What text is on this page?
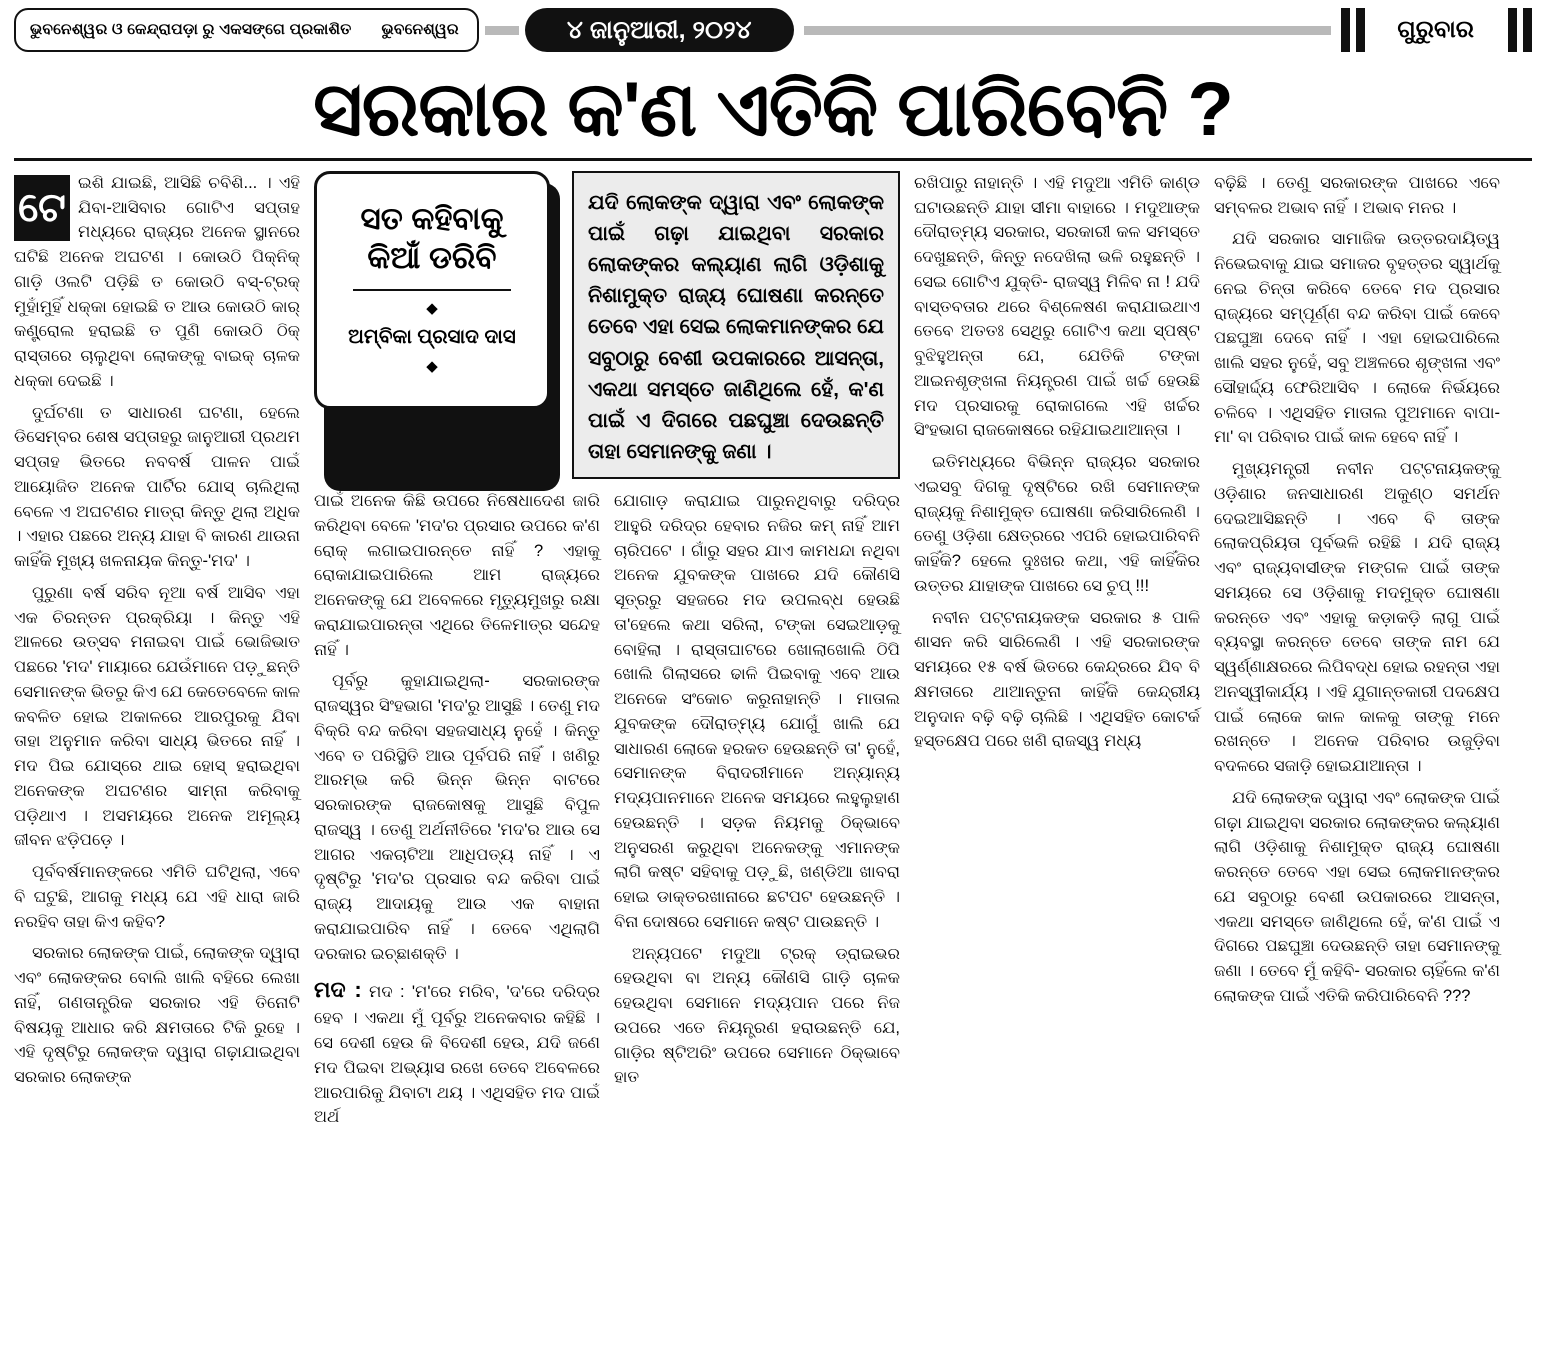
ଭୁବନେଶ୍ୱର ଓ କେନ୍ଦ୍ରାପଡ଼ା ରୁ ଏକସଙ୍ଗେ ପ୍ରକାଶିତ ଭୁବନେଶ୍ୱର	୪ ଜାନୁଆରୀ, ୨୦୨୪	ଗୁରୁବାର
ସରକାର କ'ଣ ଏତିକି ପାରିବେନି ?
ଟେ

ଇଶି ଯାଇଛି, ଆସିଛି ଚବିଶି... । ଏହି ଯିବା-ଆସିବାର ଗୋଟିଏ ସପ୍ତାହ ମଧ୍ୟରେ ରାଜ୍ୟର ଅନେକ ସ୍ଥାନରେ ଘଟିଛି ଅନେକ ଅଘଟଣ । କୋଉଠି ପିକ୍‌ନିକ୍ ଗାଡ଼ି ଓଲଟି ପଡ଼ିଛି ତ କୋଉଠି ବସ୍‌-ଟ୍ରକ୍ ମୁହାଁମୁହିଁ ଧକ୍କା ହୋଇଛି ତ ଆଉ କୋଉଠି କାର୍ କଣ୍ଟ୍ରୋଲ ହରାଇଛି ତ ପୁଣି କୋଉଠି ଠିକ୍ ରାସ୍ତାରେ ଚାଲୁଥିବା ଲୋକଙ୍କୁ ବାଇକ୍ ଚାଳକ ଧକ୍କା ଦେଇଛି ।

ଦୁର୍ଘଟଣା ତ ସାଧାରଣ ଘଟଣା, ହେଲେ ଡିସେମ୍ବର ଶେଷ ସପ୍ତାହରୁ ଜାନୁଆରୀ ପ୍ରଥମ ସପ୍ତାହ ଭିତରେ ନବବର୍ଷ ପାଳନ ପାଇଁ ଆୟୋଜିତ ଅନେକ ପାର୍ଟିର ଯୋସ୍ ଚାଲିଥିଲା ବେଳେ ଏ ଅଘଟଣର ମାତ୍ରା କିନ୍ତୁ ଥିଲା ଅଧିକ । ଏହାର ପଛରେ ଅନ୍ୟ ଯାହା ବି କାରଣ ଥାଉନା କାହିଁକି ମୁଖ୍ୟ ଖଳନାୟକ କିନ୍ତୁ-'ମଦ' ।

ପୁରୁଣା ବର୍ଷ ସରିବ ନୂଆ ବର୍ଷ ଆସିବ ଏହା ଏକ ଚିରନ୍ତନ ପ୍ରକ୍ରିୟା । କିନ୍ତୁ ଏହି ଆଳରେ ଉତ୍ସବ ମନାଇବା ପାଇଁ ଭୋଜିଭାତ ପଛରେ 'ମଦ' ମାୟାରେ ଯେଉଁମାନେ ପଡ଼ୁଛନ୍ତି ସେମାନଙ୍କ ଭିତରୁ କିଏ ଯେ କେତେବେଳେ କାଳ କବଳିତ ହୋଇ ଅକାଳରେ ଆରପୁରକୁ ଯିବା ତାହା ଅନୁମାନ କରିବା ସାଧ୍ୟ ଭିତରେ ନାହିଁ । ମଦ ପିଇ ଯୋସ୍‌ରେ ଥାଇ ହୋସ୍ ହରାଇଥିବା ଅନେକଙ୍କ ଅଘଟଣର ସାମ୍ନା କରିବାକୁ ପଡ଼ିଥାଏ । ଅସମୟରେ ଅନେକ ଅମୂଲ୍ୟ ଜୀବନ ଝଡ଼ିପଡ଼େ ।

ପୂର୍ବବର୍ଷମାନଙ୍କରେ ଏମିତି ଘଟିଥିଲା, ଏବେ ବି ଘଟୁଛି, ଆଗକୁ ମଧ୍ୟ ଯେ ଏହି ଧାରା ଜାରି ନରହିବ ତାହା କିଏ କହିବ?

ସରକାର ଲୋକଙ୍କ ପାଇଁ, ଲୋକଙ୍କ ଦ୍ୱାରା ଏବଂ ଲୋକଙ୍କର ବୋଲି ଖାଲି ବହିରେ ଲେଖା ନାହିଁ, ଗଣତାନ୍ତ୍ରିକ ସରକାର ଏହି ତିନୋଟି ବିଷୟକୁ ଆଧାର କରି କ୍ଷମତାରେ ଟିକି ରୁହେ । ଏହି ଦୃଷ୍ଟିରୁ ଲୋକଙ୍କ ଦ୍ୱାରା ଗଢ଼ାଯାଇଥିବା ସରକାର ଲୋକଙ୍କ

ସତ କହିବାକୁ
କିଆଁ ଡରିବି
◆
ଅମ୍ବିକା ପ୍ରସାଦ ଦାସ
◆
ଯଦି ଲୋକଙ୍କ ଦ୍ୱାରା ଏବଂ ଲୋକଙ୍କ ପାଇଁ ଗଢ଼ା ଯାଇଥିବା ସରକାର ଲୋକଙ୍କର କଲ୍ୟାଣ ଲାଗି ଓଡ଼ିଶାକୁ ନିଶାମୁକ୍ତ ରାଜ୍ୟ ଘୋଷଣା କରନ୍ତେ ତେବେ ଏହା ସେଇ ଲୋକମାନଙ୍କର ଯେ ସବୁଠାରୁ ବେଶୀ ଉପକାରରେ ଆସନ୍ତା, ଏକଥା ସମସ୍ତେ ଜାଣିଥିଲେ ହେଁ, କ'ଣ ପାଇଁ ଏ ଦିଗରେ ପଛଘୁଞ୍ଚା ଦେଉଛନ୍ତି ତାହା ସେମାନଙ୍କୁ ଜଣା ।

ପାଇଁ ଅନେକ କିଛି ଉପରେ ନିଷେଧାଦେଶ ଜାରି କରିଥିବା ବେଳେ 'ମଦ'ର ପ୍ରସାର ଉପରେ କ'ଣ ରୋକ୍ ଲଗାଇପାରନ୍ତେ ନାହିଁ ? ଏହାକୁ ରୋକାଯାଇପାରିଲେ ଆମ ରାଜ୍ୟରେ ଅନେକଙ୍କୁ ଯେ ଅବେଳରେ ମୃତ୍ୟୁମୁଖରୁ ରକ୍ଷା କରାଯାଇପାରନ୍ତା ଏଥିରେ ତିଳେମାତ୍ର ସନ୍ଦେହ ନାହିଁ ।

ପୂର୍ବରୁ କୁହାଯାଇଥିଲା- ସରକାରଙ୍କ ରାଜସ୍ୱର ସିଂହଭାଗ 'ମଦ'ରୁ ଆସୁଛି । ତେଣୁ ମଦ ବିକ୍ରି ବନ୍ଦ କରିବା ସହଜସାଧ୍ୟ ନୁହେଁ । କିନ୍ତୁ ଏବେ ତ ପରିସ୍ଥିତି ଆଉ ପୂର୍ବପରି ନାହିଁ । ଖଣିରୁ ଆରମ୍ଭ କରି ଭିନ୍ନ ଭିନ୍ନ ବାଟରେ ସରକାରଙ୍କ ରାଜକୋଷକୁ ଆସୁଛି ବିପୁଳ ରାଜସ୍ୱ । ତେଣୁ ଅର୍ଥନୀତିରେ 'ମଦ'ର ଆଉ ସେ ଆଗର ଏକଚାଟିଆ ଆଧିପତ୍ୟ ନାହିଁ । ଏ ଦୃଷ୍ଟିରୁ 'ମଦ'ର ପ୍ରସାର ବନ୍ଦ କରିବା ପାଇଁ ରାଜ୍ୟ ଆଦାୟକୁ ଆଉ ଏକ ବାହାନା କରାଯାଇପାରିବ ନାହିଁ । ତେବେ ଏଥିଲାଗି ଦରକାର ଇଚ୍ଛାଶକ୍ତି ।

ମଦ : ମଦ : 'ମ'ରେ ମରିବ, 'ଦ'ରେ ଦରିଦ୍ର ହେବ । ଏକଥା ମୁଁ ପୂର୍ବରୁ ଅନେକବାର କହିଛି । ସେ ଦେଶୀ ହେଉ କି ବିଦେଶୀ ହେଉ, ଯଦି ଜଣେ ମଦ ପିଇବା ଅଭ୍ୟାସ ରଖେ ତେବେ ଅବେଳରେ ଆରପାରିକୁ ଯିବାଟା ଥୟ । ଏଥିସହିତ ମଦ ପାଇଁ ଅର୍ଥ

ଯୋଗାଡ଼ କରାଯାଇ ପାରୁନଥିବାରୁ ଦରିଦ୍ର ଆହୁରି ଦରିଦ୍ର ହେବାର ନଜିର କମ୍ ନାହିଁ ଆମ ଚାରିପଟେ । ଗାଁରୁ ସହର ଯାଏ କାମଧନ୍ଦା ନଥିବା ଅନେକ ଯୁବକଙ୍କ ପାଖରେ ଯଦି କୌଣସି ସୂତ୍ରରୁ ସହଜରେ ମଦ ଉପଲବ୍ଧ ହେଉଛି ତା'ହେଲେ କଥା ସରିଲା, ଟଙ୍କା ସେଇଆଡ଼କୁ ବୋହିଲା । ରାସ୍ତାଘାଟରେ ଖୋଲାଖୋଲି ଠିପି ଖୋଲି ଗିଲାସରେ ଢାଳି ପିଇବାକୁ ଏବେ ଆଉ ଅନେକେ ସଂକୋଚ କରୁନାହାନ୍ତି । ମାତାଲ ଯୁବକଙ୍କ ଦୌରାତ୍ମ୍ୟ ଯୋଗୁଁ ଖାଲି ଯେ ସାଧାରଣ ଲୋକେ ହରକତ ହେଉଛନ୍ତି ତା' ନୁହେଁ, ସେମାନଙ୍କ ବିରାଦରୀମାନେ ଅନ୍ୟାନ୍ୟ ମଦ୍ୟପାନମାନେ ଅନେକ ସମୟରେ ଲହୁଲୁହାଣ ହେଉଛନ୍ତି । ସଡ଼କ ନିୟମକୁ ଠିକ୍‌ଭାବେ ଅନୁସରଣ କରୁଥିବା ଅନେକଙ୍କୁ ଏମାନଙ୍କ ଲାଗି କଷ୍ଟ ସହିବାକୁ ପଡ଼ୁଛି, ଖଣ୍ଡିଆ ଖାବରା ହୋଇ ଡାକ୍ତରଖାନାରେ ଛଟପଟ ହେଉଛନ୍ତି । ବିନା ଦୋଷରେ ସେମାନେ କଷ୍ଟ ପାଉଛନ୍ତି ।

ଅନ୍ୟପଟେ ମଦୁଆ ଟ୍ରକ୍ ଡ୍ରାଇଭର ହେଉଥିବା ବା ଅନ୍ୟ କୌଣସି ଗାଡ଼ି ଚାଳକ ହେଉଥିବା ସେମାନେ ମଦ୍ୟପାନ ପରେ ନିଜ ଉପରେ ଏତେ ନିୟନ୍ତ୍ରଣ ହରାଉଛନ୍ତି ଯେ, ଗାଡ଼ିର ଷ୍ଟିଅରିଂ ଉପରେ ସେମାନେ ଠିକ୍‌ଭାବେ ହାତ

ରଖିପାରୁ ନାହାନ୍ତି । ଏହି ମଦୁଆ ଏମିତି କାଣ୍ଡ ଘଟାଉଛନ୍ତି ଯାହା ସୀମା ବାହାରେ । ମଦୁଆଙ୍କ ଦୌରାତ୍ମ୍ୟ ସରକାର, ସରକାରୀ କଳ ସମସ୍ତେ ଦେଖୁଛନ୍ତି, କିନ୍ତୁ ନଦେଖିଲା ଭଳି ରହୁଛନ୍ତି । ସେଇ ଗୋଟିଏ ଯୁକ୍ତି- ରାଜସ୍ୱ ମିଳିବ ନା ! ଯଦି ବାସ୍ତବତାର ଥରେ ବିଶ୍ଳେଷଣ କରାଯାଇଥାଏ ତେବେ ଅତତଃ ସେଥିରୁ ଗୋଟିଏ କଥା ସ୍ପଷ୍ଟ ବୁଝିହୁଅନ୍ତା ଯେ, ଯେତିକି ଟଙ୍କା ଆଇନଶୃଙ୍ଖଳା ନିୟନ୍ତ୍ରଣ ପାଇଁ ଖର୍ଚ୍ଚ ହେଉଛି ମଦ ପ୍ରସାରକୁ ରୋକାଗଲେ ଏହି ଖର୍ଚ୍ଚର ସିଂହଭାଗ ରାଜକୋଷରେ ରହିଯାଇଥାଆନ୍ତା ।

ଇତିମଧ୍ୟରେ ବିଭିନ୍ନ ରାଜ୍ୟର ସରକାର ଏଇସବୁ ଦିଗକୁ ଦୃଷ୍ଟିରେ ରଖି ସେମାନଙ୍କ ରାଜ୍ୟକୁ ନିଶାମୁକ୍ତ ଘୋଷଣା କରିସାରିଲେଣି । ତେଣୁ ଓଡ଼ିଶା କ୍ଷେତ୍ରରେ ଏପରି ହୋଇପାରିବନି କାହିଁକି? ହେଲେ ଦୁଃଖର କଥା, ଏହି କାହିଁକିର ଉତ୍ତର ଯାହାଙ୍କ ପାଖରେ ସେ ଚୁପ୍ !!!

ନବୀନ ପଟ୍ଟନାୟକଙ୍କ ସରକାର ୫ ପାଳି ଶାସନ କରି ସାରିଲେଣି । ଏହି ସରକାରଙ୍କ ସମୟରେ ୧୫ ବର୍ଷ ଭିତରେ କେନ୍ଦ୍ରରେ ଯିବ ବି କ୍ଷମତାରେ ଥାଆନ୍ତୁନା କାହିଁକି କେନ୍ଦ୍ରୀୟ ଅନୁଦାନ ବଢ଼ି ବଢ଼ି ଚାଲିଛି । ଏଥିସହିତ କୋଟର୍କ ହସ୍ତକ୍ଷେପ ପରେ ଖଣି ରାଜସ୍ୱ ମଧ୍ୟ

ବଢ଼ିଛି । ତେଣୁ ସରକାରଙ୍କ ପାଖରେ ଏବେ ସମ୍ବଳର ଅଭାବ ନାହିଁ । ଅଭାବ ମନର ।

ଯଦି ସରକାର ସାମାଜିକ ଉତ୍ତରଦାୟିତ୍ୱ ନିଭେଇବାକୁ ଯାଇ ସମାଜର ବୃହତ୍ତର ସ୍ୱାର୍ଥକୁ ନେଇ ଚିନ୍ତା କରିବେ ତେବେ ମଦ ପ୍ରସାର ରାଜ୍ୟରେ ସମ୍ପୂର୍ଣ୍ଣ ବନ୍ଦ କରିବା ପାଇଁ କେବେ ପଛଘୁଞ୍ଚା ଦେବେ ନାହିଁ । ଏହା ହୋଇପାରିଲେ ଖାଲି ସହର ନୁହେଁ, ସବୁ ଅଞ୍ଚଳରେ ଶୃଙ୍ଖଳା ଏବଂ ସୌହାର୍ଦ୍ଦ୍ୟ ଫେରିଆସିବ । ଲୋକେ ନିର୍ଭୟରେ ଚଳିବେ । ଏଥିସହିତ ମାତାଲ ପୁଅମାନେ ବାପା-ମା' ବା ପରିବାର ପାଇଁ କାଳ ହେବେ ନାହିଁ ।

ମୁଖ୍ୟମନ୍ତ୍ରୀ ନବୀନ ପଟ୍ଟନାୟକଙ୍କୁ ଓଡ଼ିଶାର ଜନସାଧାରଣ ଅକୁଣ୍ଠ ସମର୍ଥନ ଦେଇଆସିଛନ୍ତି । ଏବେ ବି ତାଙ୍କ ଲୋକପ୍ରିୟତା ପୂର୍ବଭଳି ରହିଛି । ଯଦି ରାଜ୍ୟ ଏବଂ ରାଜ୍ୟବାସୀଙ୍କ ମଙ୍ଗଳ ପାଇଁ ତାଙ୍କ ସମୟରେ ସେ ଓଡ଼ିଶାକୁ ମଦମୁକ୍ତ ଘୋଷଣା କରନ୍ତେ ଏବଂ ଏହାକୁ କଡ଼ାକଡ଼ି ଲାଗୁ ପାଇଁ ବ୍ୟବସ୍ଥା କରନ୍ତେ ତେବେ ତାଙ୍କ ନାମ ଯେ ସ୍ୱର୍ଣ୍ଣାକ୍ଷରରେ ଲିପିବଦ୍ଧ ହୋଇ ରହନ୍ତା ଏହା ଅନସ୍ୱୀକାର୍ଯ୍ୟ । ଏହି ଯୁଗାନ୍ତକାରୀ ପଦକ୍ଷେପ ପାଇଁ ଲୋକେ କାଳ କାଳକୁ ତାଙ୍କୁ ମନେ ରଖନ୍ତେ । ଅନେକ ପରିବାର ଉଜୁଡ଼ିବା ବଦଳରେ ସଜାଡ଼ି ହୋଇଯାଆନ୍ତା ।

ଯଦି ଲୋକଙ୍କ ଦ୍ୱାରା ଏବଂ ଲୋକଙ୍କ ପାଇଁ ଗଢ଼ା ଯାଇଥିବା ସରକାର ଲୋକଙ୍କର କଲ୍ୟାଣ ଲାଗି ଓଡ଼ିଶାକୁ ନିଶାମୁକ୍ତ ରାଜ୍ୟ ଘୋଷଣା କରନ୍ତେ ତେବେ ଏହା ସେଇ ଲୋକମାନଙ୍କର ଯେ ସବୁଠାରୁ ବେଶୀ ଉପକାରରେ ଆସନ୍ତା, ଏକଥା ସମସ୍ତେ ଜାଣିଥିଲେ ହେଁ, କ'ଣ ପାଇଁ ଏ ଦିଗରେ ପଛଘୁଞ୍ଚା ଦେଉଛନ୍ତି ତାହା ସେମାନଙ୍କୁ ଜଣା । ତେବେ ମୁଁ କହିବି- ସରକାର ଚାହିଁଲେ କ'ଣ ଲୋକଙ୍କ ପାଇଁ ଏତିକି କରିପାରିବେନି ???
